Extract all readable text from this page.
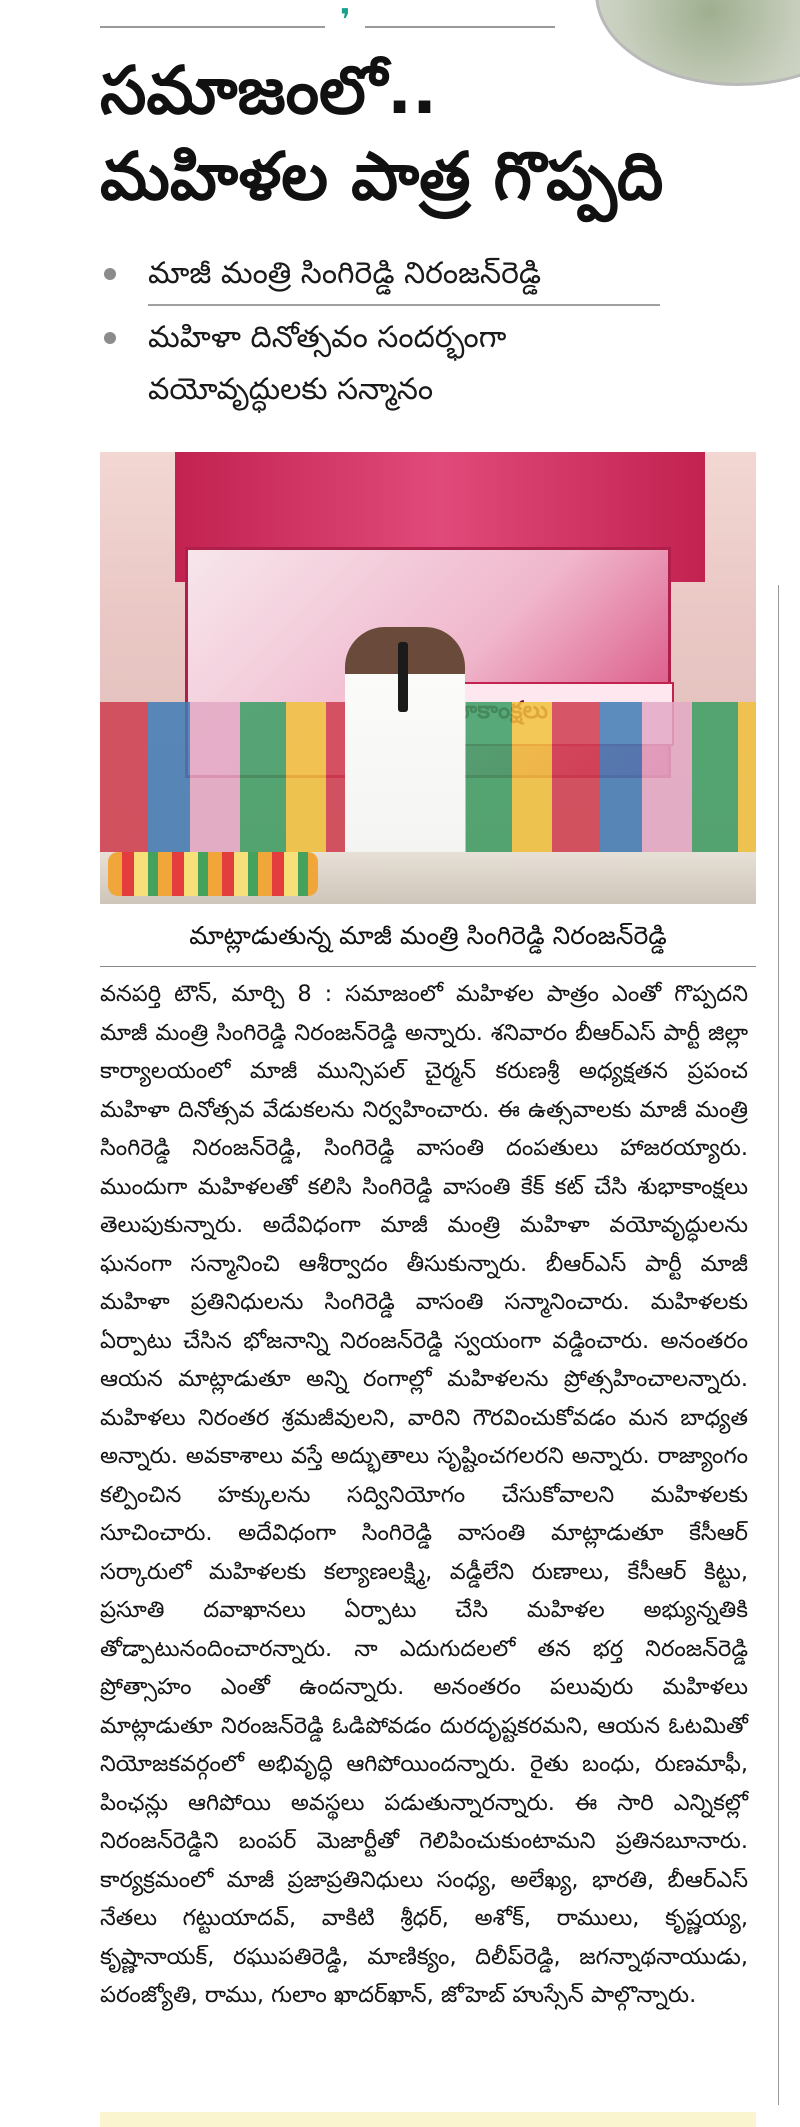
❜
సమాజంలో..
మహిళల పాత్ర గొప్పది
మాజీ మంత్రి సింగిరెడ్డి నిరంజన్‌రెడ్డి
మహిళా దినోత్సవం సందర్భంగా వయోవృద్ధులకు సన్మానం

మాట్లాడుతున్న మాజీ మంత్రి సింగిరెడ్డి నిరంజన్‌రెడ్డి

వనపర్తి టౌన్, మార్చి 8 : సమాజంలో మహిళల పాత్రం ఎంతో గొప్పదని మాజీ మంత్రి సింగిరెడ్డి నిరంజన్‌రెడ్డి అన్నారు. శనివారం బీఆర్ఎస్ పార్టీ జిల్లా కార్యాలయంలో మాజీ మున్సిపల్ చైర్మన్ కరుణశ్రీ అధ్యక్షతన ప్రపంచ మహిళా దినోత్సవ వేడుకలను నిర్వహించారు. ఈ ఉత్సవాలకు మాజీ మంత్రి సింగిరెడ్డి నిరంజన్‌రెడ్డి, సింగిరెడ్డి వాసంతి దంపతులు హాజరయ్యారు. ముందుగా మహిళలతో కలిసి సింగిరెడ్డి వాసంతి కేక్ కట్ చేసి శుభాకాంక్షలు తెలుపుకున్నారు. అదేవిధంగా మాజీ మంత్రి మహిళా వయోవృద్ధులను ఘనంగా సన్మానించి ఆశీర్వాదం తీసుకున్నారు. బీఆర్ఎస్ పార్టీ మాజీ మహిళా ప్రతినిధులను సింగిరెడ్డి వాసంతి సన్మానించారు. మహిళలకు ఏర్పాటు చేసిన భోజనాన్ని నిరంజన్‌రెడ్డి స్వయంగా వడ్డించారు. అనంతరం ఆయన మాట్లాడుతూ అన్ని రంగాల్లో మహిళలను ప్రోత్సహించాలన్నారు. మహిళలు నిరంతర శ్రమజీవులని, వారిని గౌరవించుకోవడం మన బాధ్యత అన్నారు. అవకాశాలు వస్తే అద్భుతాలు సృష్టించగలరని అన్నారు. రాజ్యాంగం కల్పించిన హక్కులను సద్వినియోగం చేసుకోవాలని మహిళలకు సూచించారు. అదేవిధంగా సింగిరెడ్డి వాసంతి మాట్లాడుతూ కేసీఆర్ సర్కారులో మహిళలకు కల్యాణలక్ష్మి, వడ్డీలేని రుణాలు, కేసీఆర్ కిట్టు, ప్రసూతి దవాఖానలు ఏర్పాటు చేసి మహిళల అభ్యున్నతికి తోడ్పాటునందించారన్నారు. నా ఎదుగుదలలో తన భర్త నిరంజన్‌రెడ్డి ప్రోత్సాహం ఎంతో ఉందన్నారు. అనంతరం పలువురు మహిళలు మాట్లాడుతూ నిరంజన్‌రెడ్డి ఓడిపోవడం దురదృష్టకరమని, ఆయన ఓటమితో నియోజకవర్గంలో అభివృద్ధి ఆగిపోయిందన్నారు. రైతు బంధు, రుణమాఫీ, పింఛన్లు ఆగిపోయి అవస్థలు పడుతున్నారన్నారు. ఈ సారి ఎన్నికల్లో నిరంజన్‌రెడ్డిని బంపర్ మెజార్టీతో గెలిపించుకుంటామని ప్రతినబూనారు. కార్యక్రమంలో మాజీ ప్రజాప్రతినిధులు సంధ్య, అలేఖ్య, భారతి, బీఆర్ఎస్ నేతలు గట్టుయాదవ్, వాకిటి శ్రీధర్, అశోక్, రాములు, కృష్ణయ్య, కృష్ణానాయక్, రఘుపతిరెడ్డి, మాణిక్యం, దిలీప్‌రెడ్డి, జగన్నాథనాయుడు, పరంజ్యోతి, రాము, గులాం ఖాదర్‌ఖాన్, జోహెబ్ హుస్సేన్ పాల్గొన్నారు.
